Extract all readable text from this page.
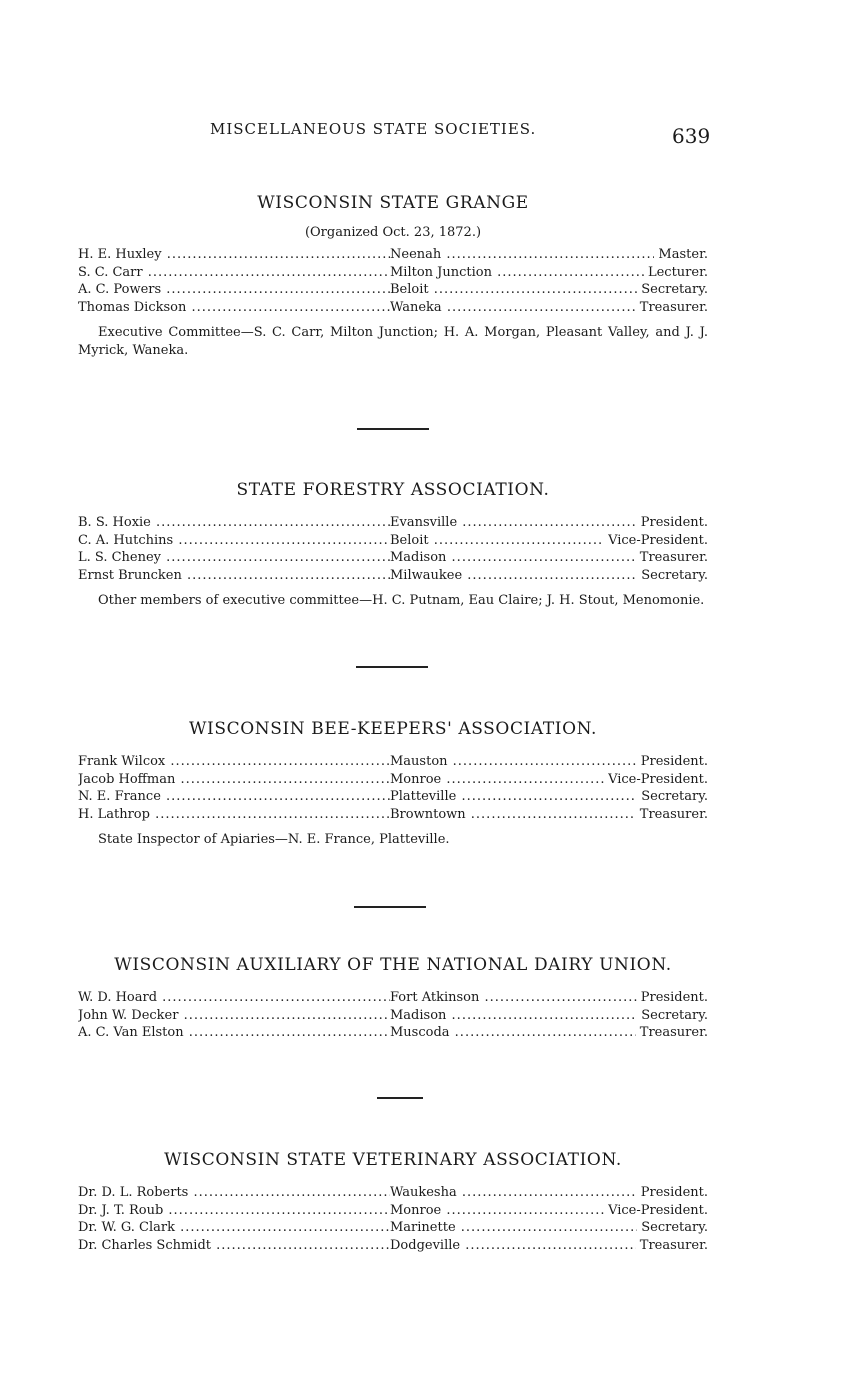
MISCELLANEOUS STATE SOCIETIES.	639
WISCONSIN STATE GRANGE
(Organized Oct. 23, 1872.)
H. E. Huxley .....	Neenah .....	Master.
S. C. Carr .....	Milton Junction .....	Lecturer.
A. C. Powers .....	Beloit .....	Secretary.
Thomas Dickson .....	Waneka .....	Treasurer.

Executive Committee—S. C. Carr, Milton Junction; H. A. Morgan, Pleasant Valley, and J. J. Myrick, Waneka.

STATE FORESTRY ASSOCIATION.
B. S. Hoxie .....	Evansville .....	President.
C. A. Hutchins .....	Beloit .....	Vice-President.
L. S. Cheney .....	Madison .....	Treasurer.
Ernst Bruncken .....	Milwaukee .....	Secretary.

Other members of executive committee—H. C. Putnam, Eau Claire; J. H. Stout, Menomonie.

WISCONSIN BEE-KEEPERS' ASSOCIATION.
Frank Wilcox .....	Mauston .....	President.
Jacob Hoffman .....	Monroe .....	Vice-President.
N. E. France .....	Platteville .....	Secretary.
H. Lathrop .....	Browntown .....	Treasurer.

State Inspector of Apiaries—N. E. France, Platteville.

WISCONSIN AUXILIARY OF THE NATIONAL DAIRY UNION.
W. D. Hoard .....	Fort Atkinson .....	President.
John W. Decker .....	Madison .....	Secretary.
A. C. Van Elston .....	Muscoda .....	Treasurer.
WISCONSIN STATE VETERINARY ASSOCIATION.
Dr. D. L. Roberts .....	Waukesha .....	President.
Dr. J. T. Roub .....	Monroe .....	Vice-President.
Dr. W. G. Clark .....	Marinette .....	Secretary.
Dr. Charles Schmidt .....	Dodgeville .....	Treasurer.
